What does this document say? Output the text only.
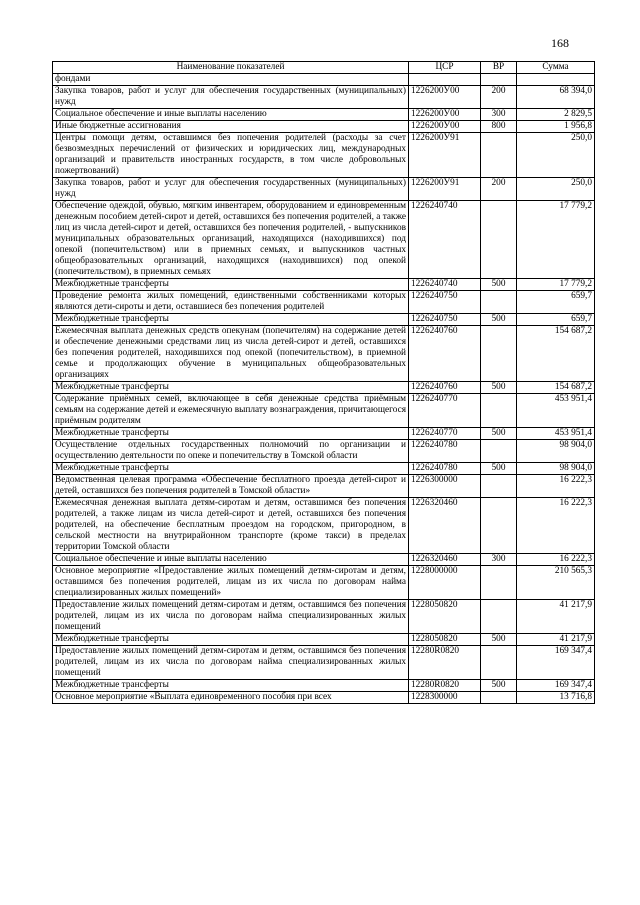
168
Наименование показателей	ЦСР	ВР	Сумма
фондами			
Закупка товаров, работ и услуг для обеспечения государственных (муниципальных) нужд	1226200У00	200	68 394,0
Социальное обеспечение и иные выплаты населению	1226200У00	300	2 829,5
Иные бюджетные ассигнования	1226200У00	800	1 956,8
Центры помощи детям, оставшимся без попечения родителей (расходы за счет безвозмездных перечислений от физических и юридических лиц, международных организаций и правительств иностранных государств, в том числе добровольных пожертвований)	1226200У91		250,0
Закупка товаров, работ и услуг для обеспечения государственных (муниципальных) нужд	1226200У91	200	250,0
Обеспечение одеждой, обувью, мягким инвентарем, оборудованием и единовременным денежным пособием детей-сирот и детей, оставшихся без попечения родителей, а также лиц из числа детей-сирот и детей, оставшихся без попечения родителей, - выпускников муниципальных образовательных организаций, находящихся (находившихся) под опекой (попечительством) или в приемных семьях, и выпускников частных общеобразовательных организаций, находящихся (находившихся) под опекой (попечительством), в приемных семьях	1226240740		17 779,2
Межбюджетные трансферты	1226240740	500	17 779,2
Проведение ремонта жилых помещений, единственными собственниками которых являются дети-сироты и дети, оставшиеся без попечения родителей	1226240750		659,7
Межбюджетные трансферты	1226240750	500	659,7
Ежемесячная выплата денежных средств опекунам (попечителям) на содержание детей и обеспечение денежными средствами лиц из числа детей-сирот и детей, оставшихся без попечения родителей, находившихся под опекой (попечительством), в приемной семье и продолжающих обучение в муниципальных общеобразовательных организациях	1226240760		154 687,2
Межбюджетные трансферты	1226240760	500	154 687,2
Содержание приёмных семей, включающее в себя денежные средства приёмным семьям на содержание детей и ежемесячную выплату вознаграждения, причитающегося приёмным родителям	1226240770		453 951,4
Межбюджетные трансферты	1226240770	500	453 951,4
Осуществление отдельных государственных полномочий по организации и осуществлению деятельности по опеке и попечительству в Томской области	1226240780		98 904,0
Межбюджетные трансферты	1226240780	500	98 904,0
Ведомственная целевая программа «Обеспечение бесплатного проезда детей-сирот и детей, оставшихся без попечения родителей в Томской области»	1226300000		16 222,3
Ежемесячная денежная выплата детям-сиротам и детям, оставшимся без попечения родителей, а также лицам из числа детей-сирот и детей, оставшихся без попечения родителей, на обеспечение бесплатным проездом на городском, пригородном, в сельской местности на внутрирайонном транспорте (кроме такси) в пределах территории Томской области	1226320460		16 222,3
Социальное обеспечение и иные выплаты населению	1226320460	300	16 222,3
Основное мероприятие «Предоставление жилых помещений детям-сиротам и детям, оставшимся без попечения родителей, лицам из их числа по договорам найма специализированных жилых помещений»	1228000000		210 565,3
Предоставление жилых помещений детям-сиротам и детям, оставшимся без попечения родителей, лицам из их числа по договорам найма специализированных жилых помещений	1228050820		41 217,9
Межбюджетные трансферты	1228050820	500	41 217,9
Предоставление жилых помещений детям-сиротам и детям, оставшимся без попечения родителей, лицам из их числа по договорам найма специализированных жилых помещений	12280R0820		169 347,4
Межбюджетные трансферты	12280R0820	500	169 347,4
Основное мероприятие «Выплата единовременного пособия при всех	1228300000		13 716,8
